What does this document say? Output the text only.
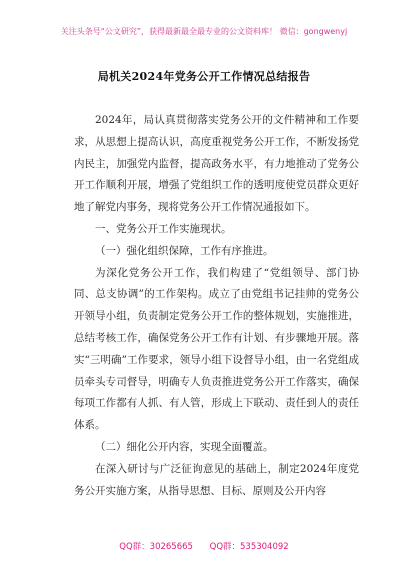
关注头条号“公文研究”，获得最新最全最专业的公文资料库！ 微信：gongwenyj
局机关2024年党务公开工作情况总结报告

2024年，局认真贯彻落实党务公开的文件精神和工作要求，从思想上提高认识，高度重视党务公开工作，不断发扬党内民主，加强党内监督，提高政务水平，有力地推动了党务公开工作顺利开展，增强了党组织工作的透明度使党员群众更好地了解党内事务，现将党务公开工作情况通报如下。

一、党务公开工作实施现状。

（一）强化组织保障，工作有序推进。

为深化党务公开工作，我们构建了“党组领导、部门协同、总支协调”的工作架构。成立了由党组书记挂帅的党务公开领导小组，负责制定党务公开工作的整体规划，实施推进，总结考核工作，确保党务公开工作有计划、有步骤地开展。落实“三明确”工作要求，领导小组下设督导小组，由一名党组成员牵头专司督导，明确专人负责推进党务公开工作落实，确保每项工作都有人抓、有人管，形成上下联动、责任到人的责任体系。

（二）细化公开内容，实现全面覆盖。

在深入研讨与广泛征询意见的基础上，制定2024年度党务公开实施方案，从指导思想、目标、原则及公开内容

QQ群：30265665 QQ群：535304092
